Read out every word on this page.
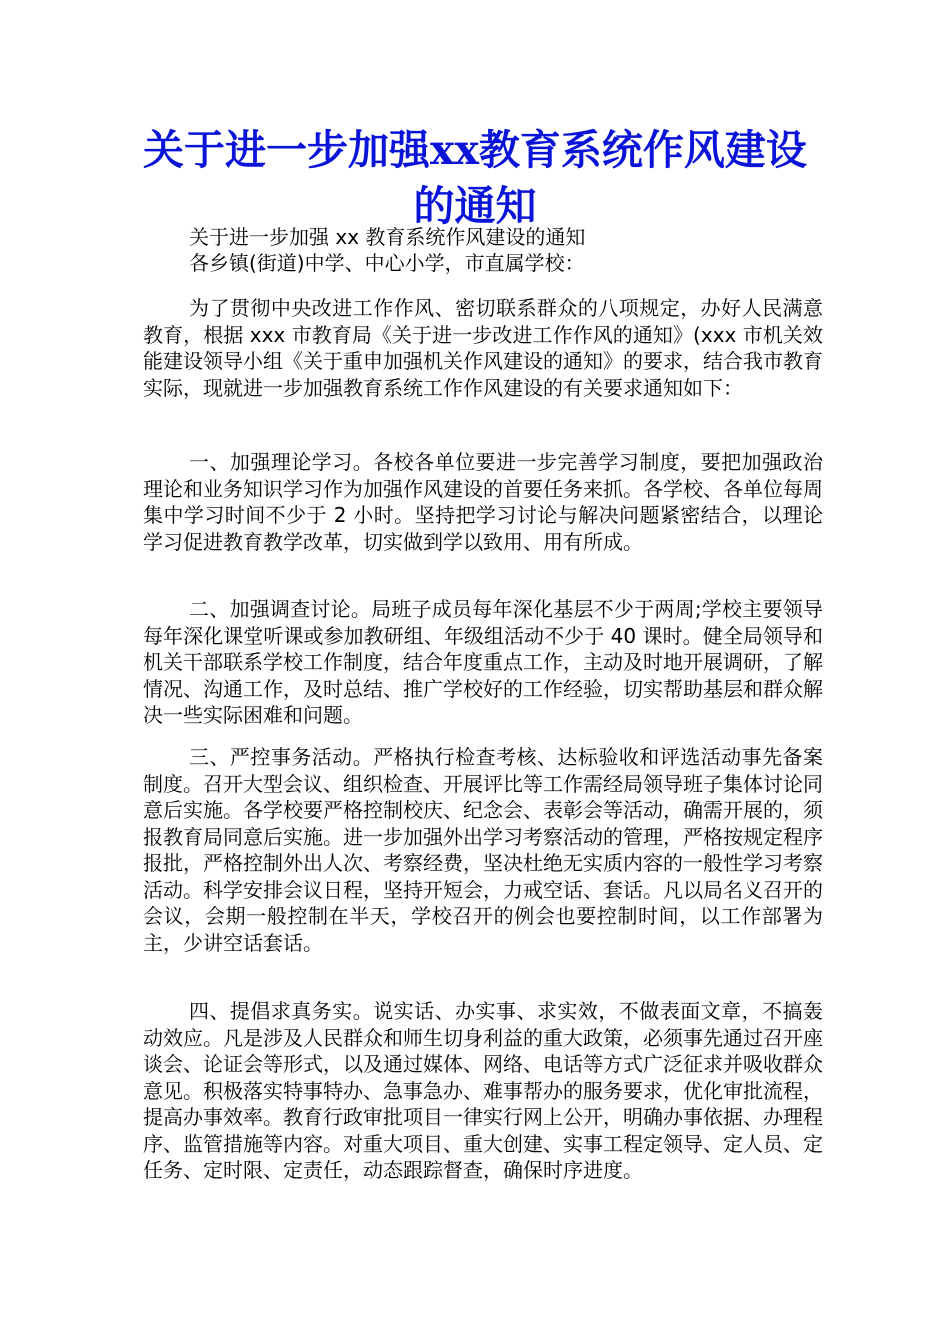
关于进一步加强xx教育系统作风建设的通知

关于进一步加强 xx 教育系统作风建设的通知

各乡镇(街道)中学、中心小学，市直属学校：

为了贯彻中央改进工作作风、密切联系群众的八项规定，办好人民满意教育，根据 xxx 市教育局《关于进一步改进工作作风的通知》(xxx 市机关效能建设领导小组《关于重申加强机关作风建设的通知》的要求，结合我市教育实际，现就进一步加强教育系统工作作风建设的有关要求通知如下：

一、加强理论学习。各校各单位要进一步完善学习制度，要把加强政治理论和业务知识学习作为加强作风建设的首要任务来抓。各学校、各单位每周集中学习时间不少于 2 小时。坚持把学习讨论与解决问题紧密结合，以理论学习促进教育教学改革，切实做到学以致用、用有所成。

二、加强调查讨论。局班子成员每年深化基层不少于两周;学校主要领导每年深化课堂听课或参加教研组、年级组活动不少于 40 课时。健全局领导和机关干部联系学校工作制度，结合年度重点工作，主动及时地开展调研，了解情况、沟通工作，及时总结、推广学校好的工作经验，切实帮助基层和群众解决一些实际困难和问题。

三、严控事务活动。严格执行检查考核、达标验收和评选活动事先备案制度。召开大型会议、组织检查、开展评比等工作需经局领导班子集体讨论同意后实施。各学校要严格控制校庆、纪念会、表彰会等活动，确需开展的，须报教育局同意后实施。进一步加强外出学习考察活动的管理，严格按规定程序报批，严格控制外出人次、考察经费，坚决杜绝无实质内容的一般性学习考察活动。科学安排会议日程，坚持开短会，力戒空话、套话。凡以局名义召开的会议，会期一般控制在半天，学校召开的例会也要控制时间，以工作部署为主，少讲空话套话。

四、提倡求真务实。说实话、办实事、求实效，不做表面文章，不搞轰动效应。凡是涉及人民群众和师生切身利益的重大政策，必须事先通过召开座谈会、论证会等形式，以及通过媒体、网络、电话等方式广泛征求并吸收群众意见。积极落实特事特办、急事急办、难事帮办的服务要求，优化审批流程，提高办事效率。教育行政审批项目一律实行网上公开，明确办事依据、办理程序、监管措施等内容。对重大项目、重大创建、实事工程定领导、定人员、定任务、定时限、定责任，动态跟踪督查，确保时序进度。
